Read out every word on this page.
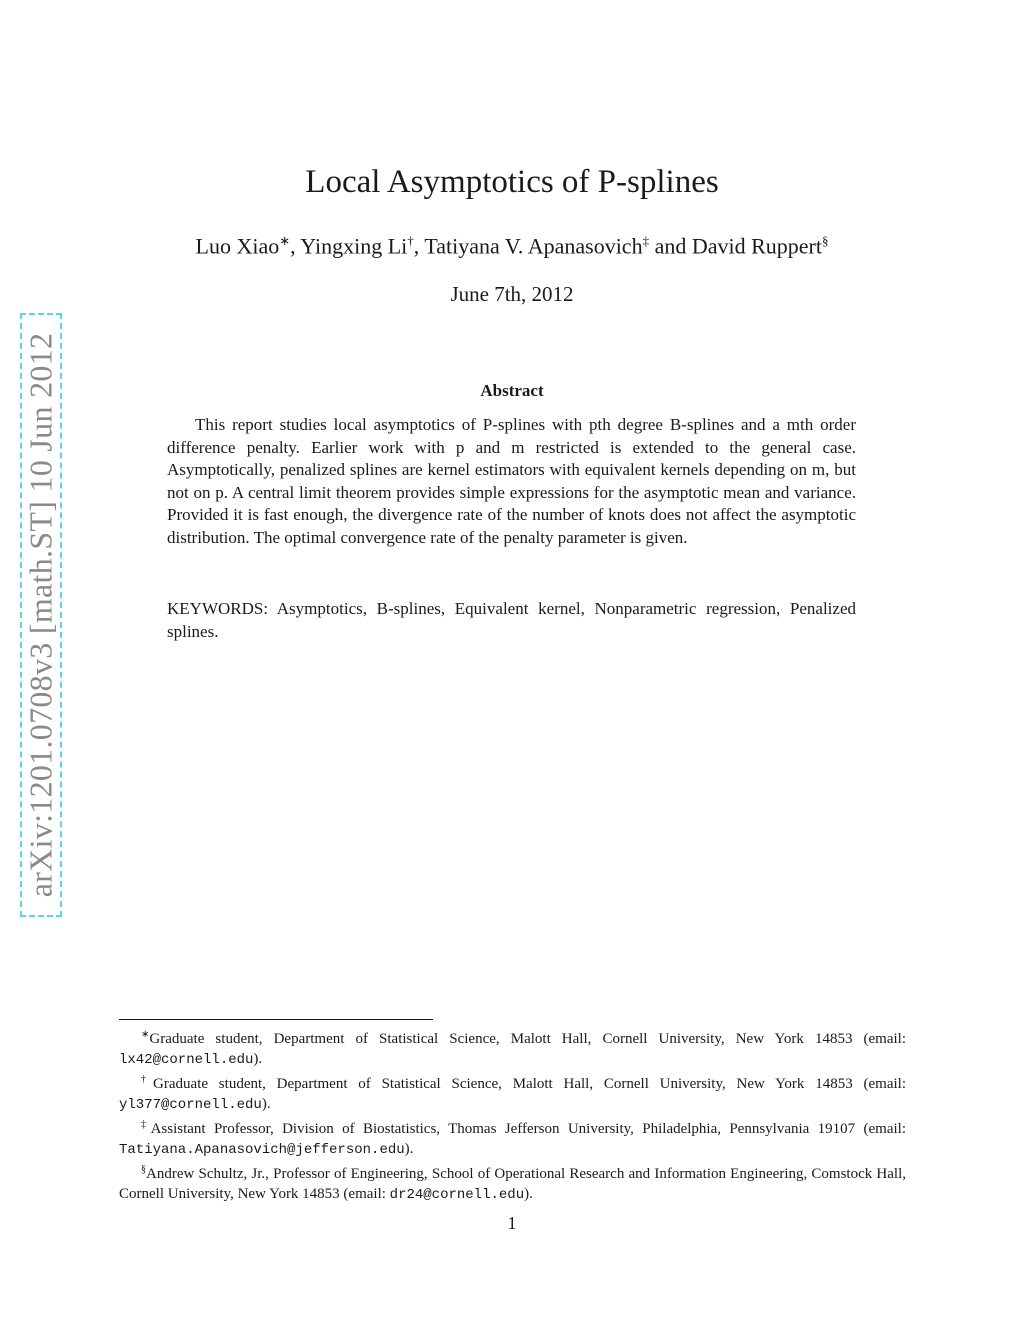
arXiv:1201.0708v3 [math.ST] 10 Jun 2012
Local Asymptotics of P-splines
Luo Xiao∗, Yingxing Li†, Tatiyana V. Apanasovich‡ and David Ruppert§
June 7th, 2012
Abstract
This report studies local asymptotics of P-splines with pth degree B-splines and a mth order difference penalty. Earlier work with p and m restricted is extended to the general case. Asymptotically, penalized splines are kernel estimators with equivalent kernels depending on m, but not on p. A central limit theorem provides simple expressions for the asymptotic mean and variance. Provided it is fast enough, the divergence rate of the number of knots does not affect the asymptotic distribution. The optimal convergence rate of the penalty parameter is given.
KEYWORDS: Asymptotics, B-splines, Equivalent kernel, Nonparametric regression, Penalized splines.

∗Graduate student, Department of Statistical Science, Malott Hall, Cornell University, New York 14853 (email: lx42@cornell.edu).

†Graduate student, Department of Statistical Science, Malott Hall, Cornell University, New York 14853 (email: yl377@cornell.edu).

‡Assistant Professor, Division of Biostatistics, Thomas Jefferson University, Philadelphia, Pennsylvania 19107 (email: Tatiyana.Apanasovich@jefferson.edu).

§Andrew Schultz, Jr., Professor of Engineering, School of Operational Research and Information Engineering, Comstock Hall, Cornell University, New York 14853 (email: dr24@cornell.edu).

1
